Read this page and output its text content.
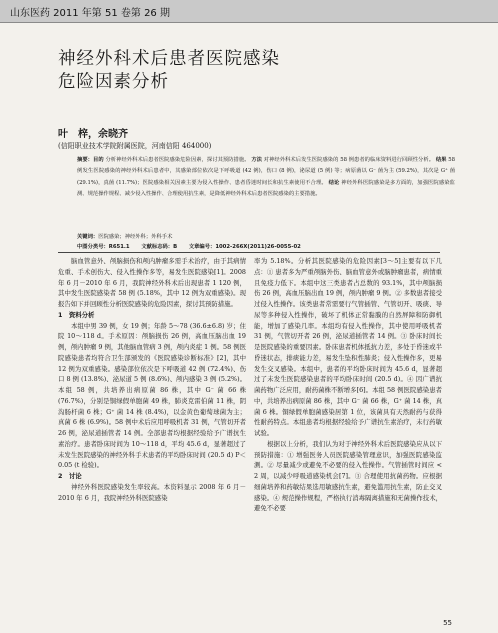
山东医药 2011 年第 51 卷第 26 期
神经外科术后患者医院感染
危险因素分析
叶　梓，余晓齐
(信阳职业技术学院附属医院，河南信阳 464000)
摘要：目的 分析神经外科术后患者医院感染危险因素，探讨其预防措施。 方法 对神经外科术后发生医院感染的 58 例患者的临床资料进行回顾性分析。 结果 58 例发生医院感染的神经外科术后患者中，其感染部位依次是下呼吸道 (42 例)，伤口 (8 例)，泌尿道 (5 例) 等；病原菌以 G⁻ 菌为主 (59.2%)，其次是 G⁺ 菌 (29.1%)，真菌 (11.7%)；医院感染相关因素主要为侵入性操作、患者昏迷时间长和抗生素使用不合理。 结论 神经外科医院感染是多方面的，加强医院感染监测、规范操作规程、减少侵入性操作、合理使用抗生素，是降低神经外科术后患者医院感染的主要措施。
关键词：医院感染；神经外科；外科手术
中图分类号：R651.1 文献标志码：B 文章编号：1002-266X(2011)26-0055-02

脑血管意外、颅脑损伤和颅内肿瘤多需手术治疗，由于其病情危重、手术创伤大、侵入性操作多等，易发生医院感染[1]。2008 年 6 月－2010 年 6 月，我院神经外科术后出现患者 1 120 例，其中发生医院感染者 58 例 (5.18%，其中 12 例为双重感染)。现报告如下并回顾性分析医院感染的危险因素，探讨其预防措施。

1　资料分析

本组中男 39 例，女 19 例；年龄 5～78 (36.6±6.8) 岁；住院 10～118 d。手术原因：颅脑损伤 26 例，高血压脑出血 19 例，颅内肿瘤 9 例，其他脑血管病 3 例，颅内炎症 1 例。58 例医院感染患者均符合卫生部颁发的《医院感染诊断标准》[2]，其中 12 例为双重感染。感染部位依次是下呼吸道 42 例 (72.4%)、伤口 8 例 (13.8%)、泌尿道 5 例 (8.6%)、颅内感染 3 例 (5.2%)。本组 58 例，共培养出病原菌 86 株，其中 G⁻ 菌 66 株 (76.7%)，分别是铜绿假单胞菌 49 株，肺炎克雷伯菌 11 株，阴沟肠杆菌 6 株；G⁺ 菌 14 株 (8.4%)，以金黄色葡萄球菌为主；真菌 6 株 (6.9%)。58 例中术后应用呼吸机者 31 例，气管切开者 26 例，泌尿道插管者 14 例。全部患者均根据经验给予广谱抗生素治疗。患者卧床时间为 10～118 d，平均 45.6 d，显著超过了未发生医院感染的神经外科手术患者的平均卧床时间 (20.5 d) P＜0.05 (t 检验)。

2　讨论

神经外科医院感染发生率较高。本资料显示 2008 年 6 月－2010 年 6 月，我院神经外科医院感染

率为 5.18%。分析其医院感染的危险因素[3～5]主要有以下几点：① 患者多为严重颅脑外伤、脑血管意外或脑肿瘤患者，病情重且免疫力低下。本组中这三类患者占总数的 93.1%，其中颅脑损伤 26 例，高血压脑出血 19 例，颅内肿瘤 9 例。② 多数患者接受过侵入性操作。该类患者常需要行气管插管、气管切开、吸痰、导尿等多种侵入性操作，破坏了机体正常黏膜的自然屏障和防御机能，增加了感染几率。本组均有侵入性操作，其中使用呼吸机者 31 例，气管切开者 26 例，泌尿道插管者 14 例。③ 卧床时间长是医院感染的重要因素。卧床患者机体抵抗力差，多处于昏迷或半昏迷状态，排痰能力差，易发生坠积性肺炎；侵入性操作多，更易发生交叉感染。本组中，患者的平均卧床时间为 45.6 d，显著超过了未发生医院感染患者的平均卧床时间 (20.5 d)。④ 因广谱抗菌药物广泛应用，耐药菌株不断增多[6]。本组 58 例医院感染患者中，共培养出病原菌 86 株，其中 G⁻ 菌 66 株，G⁺ 菌 14 株，真菌 6 株。铜绿假单胞菌感染居第 1 位，该菌具有天然耐药与获得性耐药特点。本组患者均根据经验给予广谱抗生素治疗，未行药敏试验。

根据以上分析，我们认为对于神经外科术后医院感染应从以下预防措施：① 增强医务人员医院感染管理意识，加强医院感染监测。② 尽量减少或避免不必要的侵入性操作。气管插管时间应 < 2 周，以减少呼吸道感染机会[7]。③ 合理使用抗菌药物。应根据细菌培养和药敏结果选用敏感抗生素，避免滥用抗生素，防止交叉感染。④ 规范操作规程，严格执行消毒隔离措施和无菌操作技术，避免不必要

55
